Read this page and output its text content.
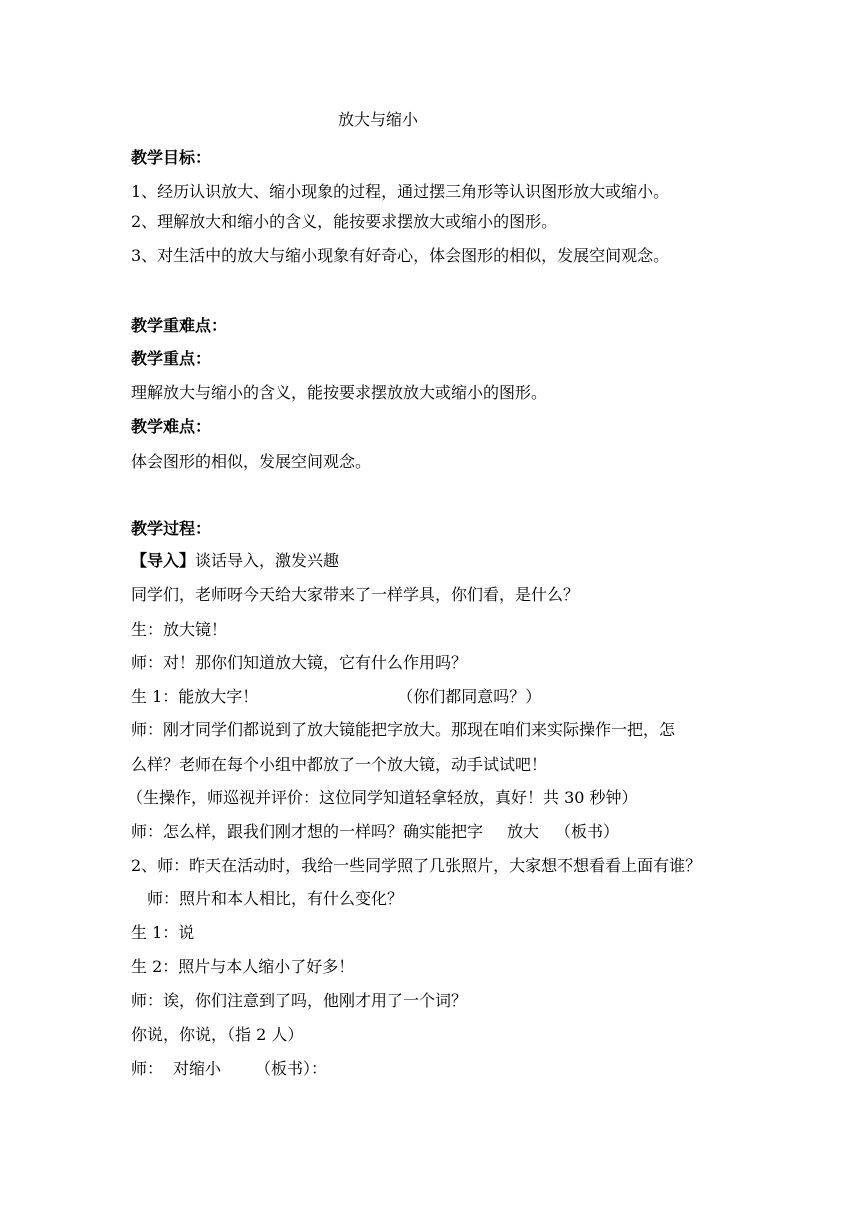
放大与缩小

教学目标：

1、经历认识放大、缩小现象的过程，通过摆三角形等认识图形放大或缩小。

2、理解放大和缩小的含义，能按要求摆放大或缩小的图形。

3、对生活中的放大与缩小现象有好奇心，体会图形的相似，发展空间观念。

教学重难点：

教学重点：

理解放大与缩小的含义，能按要求摆放放大或缩小的图形。

教学难点：

体会图形的相似，发展空间观念。

教学过程：

【导入】谈话导入，激发兴趣

同学们，老师呀今天给大家带来了一样学具，你们看，是什么？

生：放大镜！

师：对！那你们知道放大镜，它有什么作用吗？

生 1：能放大字！	（你们都同意吗？）

师：刚才同学们都说到了放大镜能把字放大。那现在咱们来实际操作一把，怎

么样？老师在每个小组中都放了一个放大镜，动手试试吧！

（生操作，师巡视并评价：这位同学知道轻拿轻放，真好！共 30 秒钟）

师：怎么样，跟我们刚才想的一样吗？确实能把字 放大 （板书）

2、师：昨天在活动时，我给一些同学照了几张照片，大家想不想看看上面有谁？

师：照片和本人相比，有什么变化？

生 1：说

生 2：照片与本人缩小了好多！

师：诶，你们注意到了吗，他刚才用了一个词？

你说，你说，（指 2 人）

师： 对缩小 （板书）：
